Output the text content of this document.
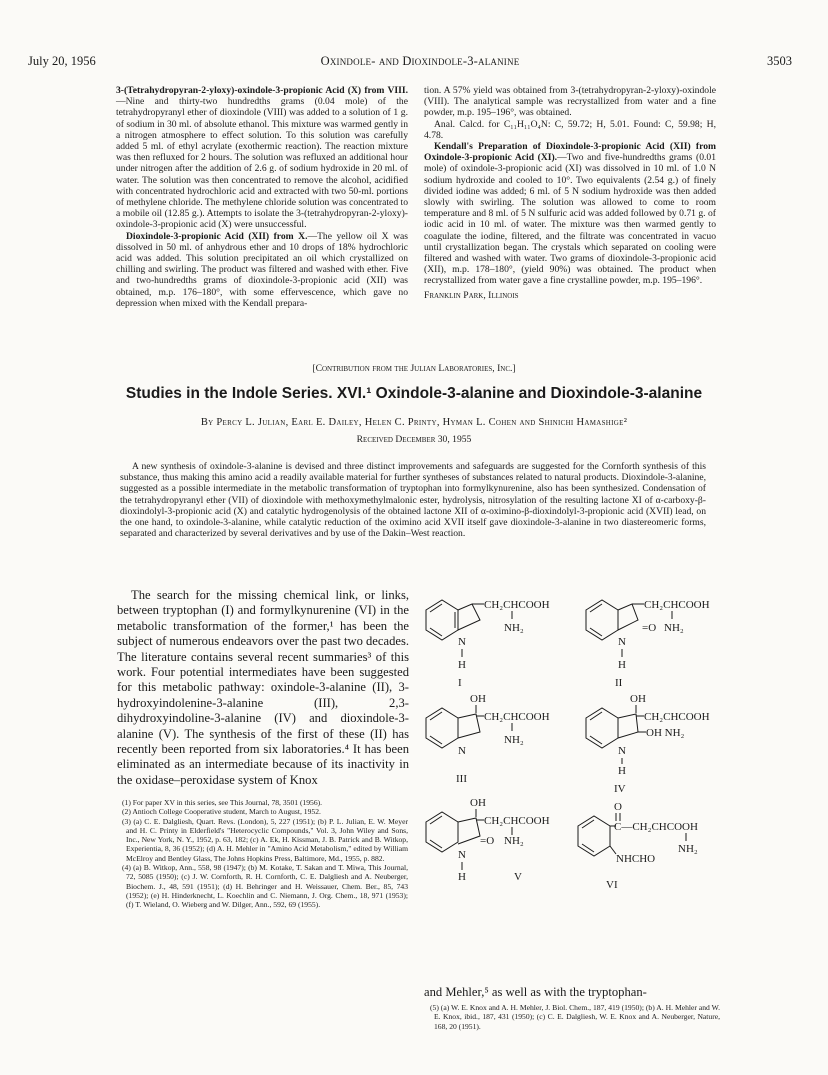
July 20, 1956	Oxindole- and Dioxindole-3-alanine	3503

3-(Tetrahydropyran-2-yloxy)-oxindole-3-propionic Acid (X) from VIII.—Nine and thirty-two hundredths grams (0.04 mole) of the tetrahydropyranyl ether of dioxindole (VIII) was added to a solution of 1 g. of sodium in 30 ml. of absolute ethanol. This mixture was warmed gently in a nitrogen atmosphere to effect solution. To this solution was carefully added 5 ml. of ethyl acrylate (exothermic reaction). The reaction mixture was then refluxed for 2 hours. The solution was refluxed an additional hour under nitrogen after the addition of 2.6 g. of sodium hydroxide in 20 ml. of water. The solution was then concentrated to remove the alcohol, acidified with concentrated hydrochloric acid and extracted with two 50-ml. portions of methylene chloride. The methylene chloride solution was concentrated to a mobile oil (12.85 g.). Attempts to isolate the 3-(tetrahydropyran-2-yloxy)-oxindole-3-propionic acid (X) were unsuccessful.

Dioxindole-3-propionic Acid (XII) from X.—The yellow oil X was dissolved in 50 ml. of anhydrous ether and 10 drops of 18% hydrochloric acid was added. This solution precipitated an oil which crystallized on chilling and swirling. The product was filtered and washed with ether. Five and two-hundredths grams of dioxindole-3-propionic acid (XII) was obtained, m.p. 176–180°, with some effervescence, which gave no depression when mixed with the Kendall prepara-

tion. A 57% yield was obtained from 3-(tetrahydropyran-2-yloxy)-oxindole (VIII). The analytical sample was recrystallized from water and a fine powder, m.p. 195–196°, was obtained.

Anal. Calcd. for C₁₁H₁₁O₄N: C, 59.72; H, 5.01. Found: C, 59.98; H, 4.78.

Kendall's Preparation of Dioxindole-3-propionic Acid (XII) from Oxindole-3-propionic Acid (XI).—Two and five-hundredths grams (0.01 mole) of oxindole-3-propionic acid (XI) was dissolved in 10 ml. of 1.0 N sodium hydroxide and cooled to 10°. Two equivalents (2.54 g.) of finely divided iodine was added; 6 ml. of 5 N sodium hydroxide was then added slowly with swirling. The solution was allowed to come to room temperature and 8 ml. of 5 N sulfuric acid was added followed by 0.71 g. of iodic acid in 10 ml. of water. The mixture was then warmed gently to coagulate the iodine, filtered, and the filtrate was concentrated in vacuo until crystallization began. The crystals which separated on cooling were filtered and washed with water. Two grams of dioxindole-3-propionic acid (XII), m.p. 178–180°, (yield 90%) was obtained. The product when recrystallized from water gave a fine crystalline powder, m.p. 195–196°.

Franklin Park, Illinois

[Contribution from the Julian Laboratories, Inc.]
Studies in the Indole Series. XVI.¹ Oxindole-3-alanine and Dioxindole-3-alanine
By Percy L. Julian, Earl E. Dailey, Helen C. Printy, Hyman L. Cohen and Shinichi Hamashige²
Received December 30, 1955

A new synthesis of oxindole-3-alanine is devised and three distinct improvements and safeguards are suggested for the Cornforth synthesis of this substance, thus making this amino acid a readily available material for further syntheses of substances related to natural products. Dioxindole-3-alanine, suggested as a possible intermediate in the metabolic transformation of tryptophan into formylkynurenine, also has been synthesized. Condensation of the tetrahydropyranyl ether (VII) of dioxindole with methoxymethylmalonic ester, hydrolysis, nitrosylation of the resulting lactone XI of α-carboxy-β-dioxindolyl-3-propionic acid (X) and catalytic hydrogenolysis of the obtained lactone XII of α-oximino-β-dioxindolyl-3-propionic acid (XVII) lead, on the one hand, to oxindole-3-alanine, while catalytic reduction of the oximino acid XVII itself gave dioxindole-3-alanine in two diastereomeric forms, separated and characterized by several derivatives and by use of the Dakin–West reaction.

The search for the missing chemical link, or links, between tryptophan (I) and formylkynurenine (VI) in the metabolic transformation of the former,¹ has been the subject of numerous endeavors over the past two decades. The literature contains several recent summaries³ of this work. Four potential intermediates have been suggested for this metabolic pathway: oxindole-3-alanine (II), 3-hydroxyindolenine-3-alanine (III), 2,3-dihydroxyindoline-3-alanine (IV) and dioxindole-3-alanine (V). The synthesis of the first of these (II) has recently been reported from six laboratories.⁴ It has been eliminated as an intermediate because of its inactivity in the oxidase–peroxidase system of Knox

(1) For paper XV in this series, see This Journal, 78, 3501 (1956).

(2) Antioch College Cooperative student, March to August, 1952.

(3) (a) C. E. Dalgliesh, Quart. Revs. (London), 5, 227 (1951); (b) P. L. Julian, E. W. Meyer and H. C. Printy in Elderfield's "Heterocyclic Compounds," Vol. 3, John Wiley and Sons, Inc., New York, N. Y., 1952, p. 63, 182; (c) A. Ek, H. Kissman, J. B. Patrick and B. Witkop, Experientia, 8, 36 (1952); (d) A. H. Mehler in "Amino Acid Metabolism," edited by William McElroy and Bentley Glass, The Johns Hopkins Press, Baltimore, Md., 1955, p. 882.

(4) (a) B. Witkop, Ann., 558, 98 (1947); (b) M. Kotake, T. Sakan and T. Miwa, This Journal, 72, 5085 (1950); (c) J. W. Cornforth, R. H. Cornforth, C. E. Dalgliesh and A. Neuberger, Biochem. J., 48, 591 (1951); (d) H. Behringer and H. Weissauer, Chem. Ber., 85, 743 (1952); (e) H. Hinderknecht, L. Koechlin and C. Niemann, J. Org. Chem., 18, 971 (1953); (f) T. Wieland, O. Wieberg and W. Dilger, Ann., 592, 69 (1955).

and Mehler,⁵ as well as with the tryptophan-

(5) (a) W. E. Knox and A. H. Mehler, J. Biol. Chem., 187, 419 (1950); (b) A. H. Mehler and W. E. Knox, ibid., 187, 431 (1950); (c) C. E. Dalgliesh, W. E. Knox and A. Neuberger, Nature, 168, 20 (1951).

CH₂CHCOOH
NH₂
N
H
I
CH₂CHCOOH
=O NH₂
N
H
II
OH
CH₂CHCOOH
NH₂
N
III
OH
CH₂CHCOOH
OH NH₂
N
H
IV
OH
CH₂CHCOOH
=O NH₂
N
H	V
O
C—CH₂CHCOOH
NH₂
NHCHO
VI
